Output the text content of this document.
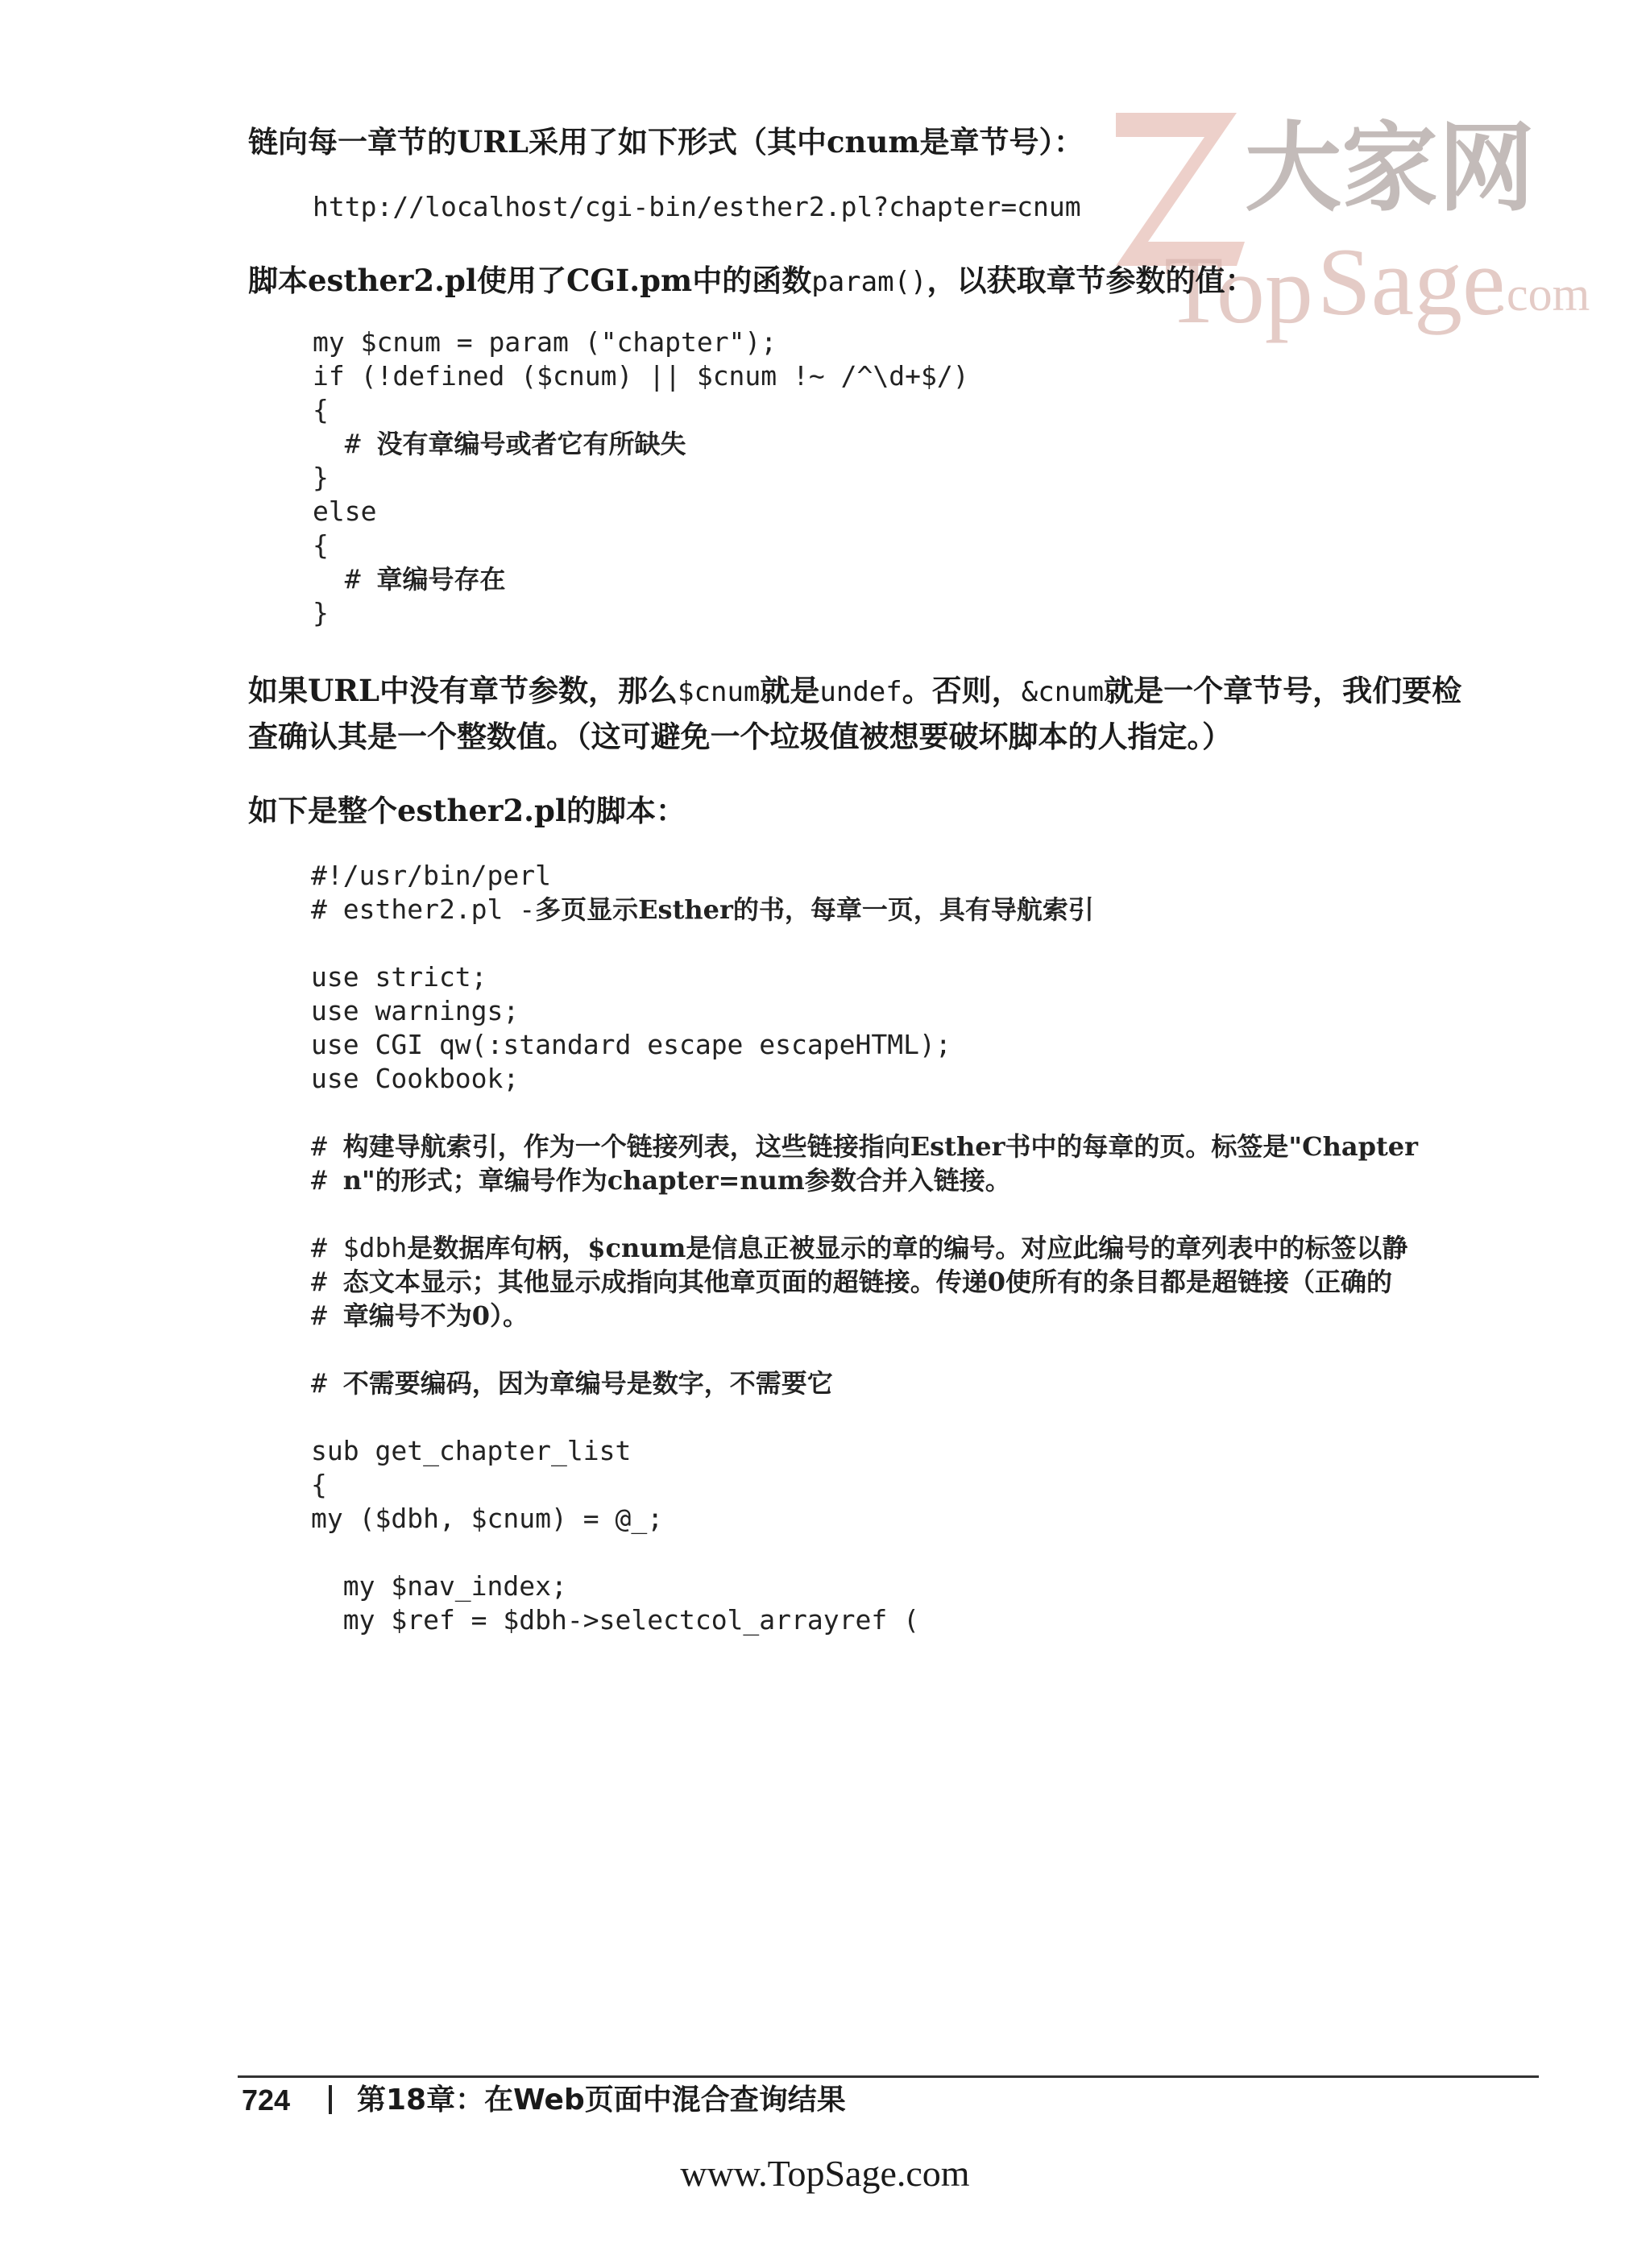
大家网
Top Sage
.com

链向每一章节的URL采用了如下形式（其中cnum是章节号）：

http://localhost/cgi-bin/esther2.pl?chapter=cnum

脚本esther2.pl使用了CGI.pm中的函数param()，以获取章节参数的值：

my $cnum = param ("chapter");
if (!defined ($cnum) || $cnum !~ /^\d+$/)
{
# 没有章编号或者它有所缺失
}
else
{
# 章编号存在
}

如果URL中没有章节参数，那么$cnum就是undef。否则，&cnum就是一个章节号，我们要检

查确认其是一个整数值。（这可避免一个垃圾值被想要破坏脚本的人指定。）

如下是整个esther2.pl的脚本：

#!/usr/bin/perl
# esther2.pl -多页显示Esther的书，每章一页，具有导航索引

use strict;
use warnings;
use CGI qw(:standard escape escapeHTML);
use Cookbook;

# 构建导航索引，作为一个链接列表，这些链接指向Esther书中的每章的页。标签是"Chapter
# n"的形式；章编号作为chapter=num参数合并入链接。

# $dbh是数据库句柄，$cnum是信息正被显示的章的编号。对应此编号的章列表中的标签以静
# 态文本显示；其他显示成指向其他章页面的超链接。传递0使所有的条目都是超链接（正确的
# 章编号不为0）。

# 不需要编码，因为章编号是数字，不需要它

sub get_chapter_list
{
my ($dbh, $cnum) = @_;

my $nav_index;
my $ref = $dbh->selectcol_arrayref (
724 第18章：在Web页面中混合查询结果
www.TopSage.com
